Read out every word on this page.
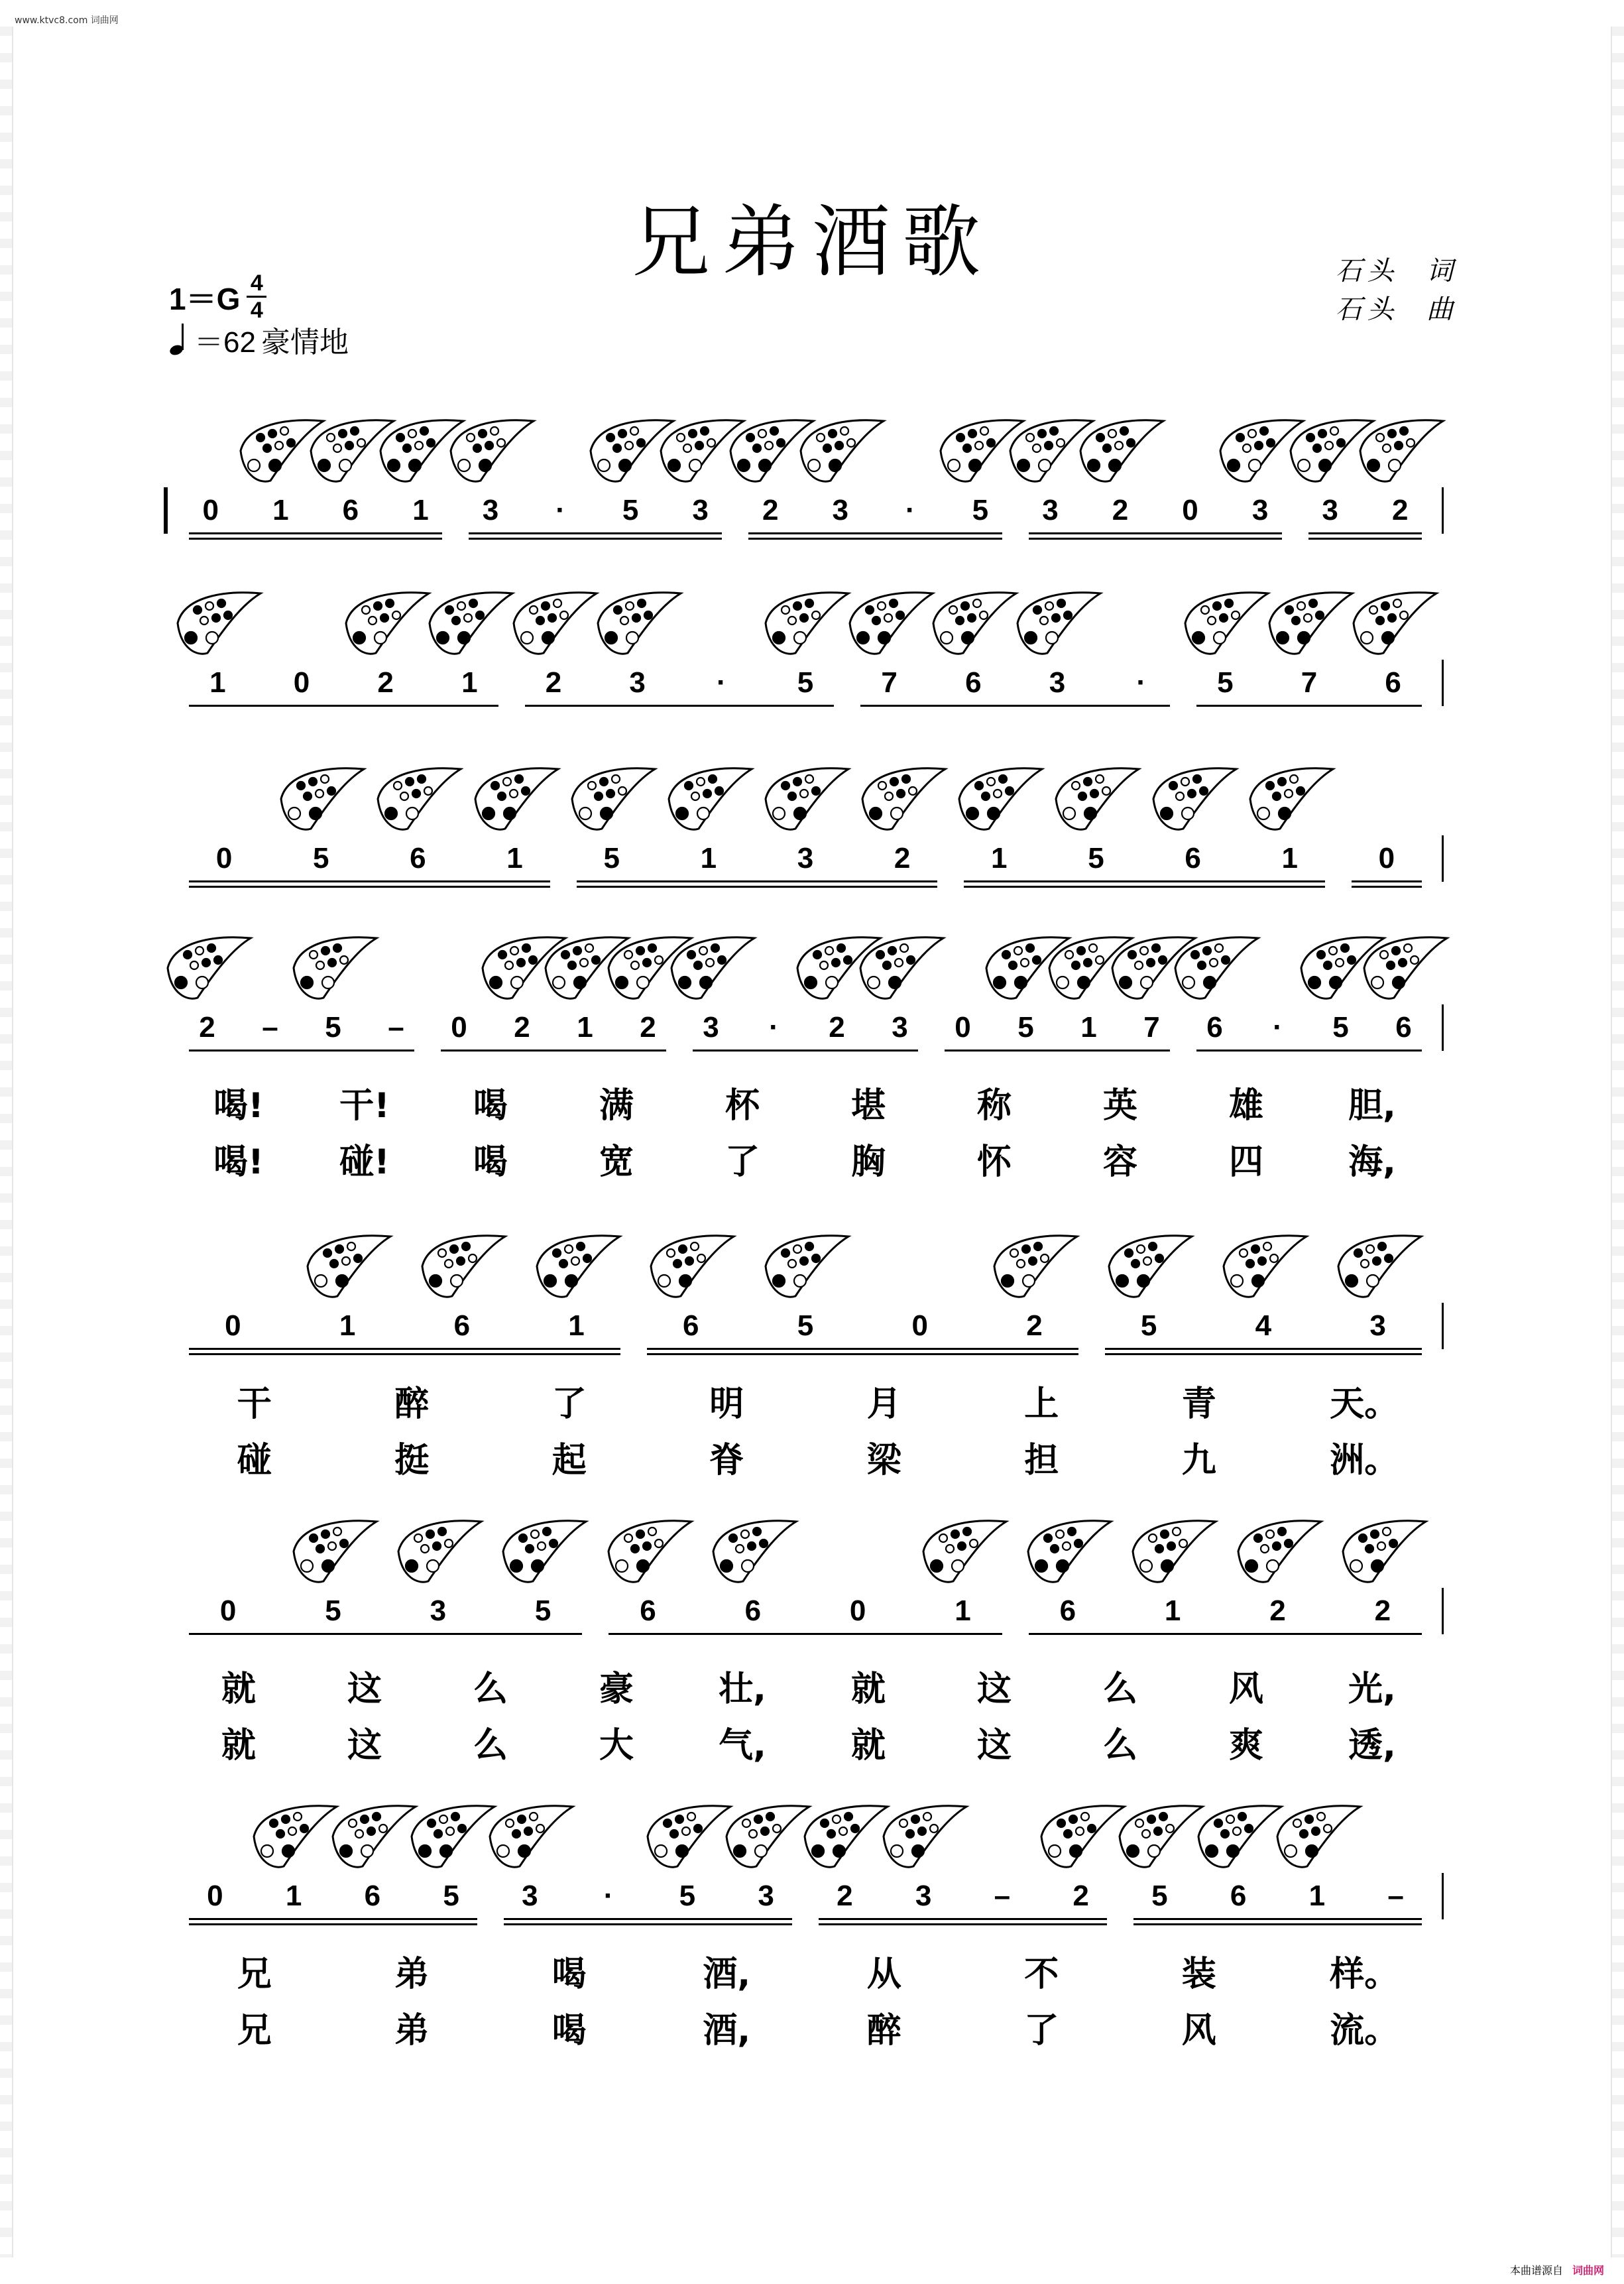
www.ktvc8.com 词曲网
兄弟酒歌
$1=G \frac{4}{4}$
＝62 豪情地
石头  词
石头  曲
0	1	6	1	3	·	5	3	2	3	·	5	3	2	0	3	3	2
1	0	2	1	2	3	·	5	7	6	3	·	5	7	6
0	5	6	1	5	1	3	2	1	5	6	1	0
2	–	5	–	0	2	1	2	3	·	2	3	0	5	1	7	6	·	5	6
喝! 干! 喝	满	杯	堪	称	英	雄 胆,
喝! 碰! 喝	宽	了	胸	怀	容	四 海,
0	1	6	1	6	5	0	2	5	4	3
干	醉	了	明	月	上	青	天。
碰	挺	起	脊	梁	担	九	洲。
0	5	3	5	6	6	0	1	6	1	2	2
就	这	么	豪 壮, 就	这	么	风 光,
就	这	么	大 气, 就	这	么	爽 透,
0	1	6	5	3	·	5	3	2	3	–	2	5	6	1	–
兄	弟	喝	酒,	从	不	装	样。
兄	弟	喝	酒,	醉	了	风	流。
本曲谱源自 词曲网
